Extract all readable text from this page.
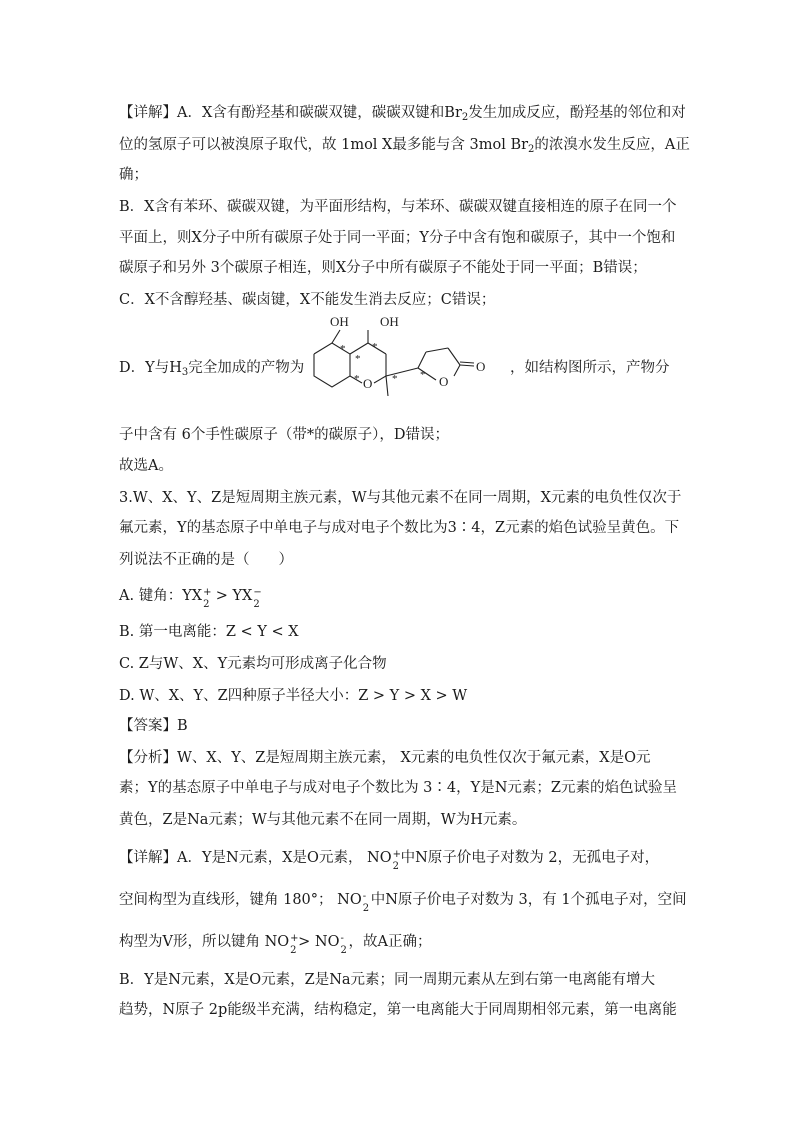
【详解】A．X含有酚羟基和碳碳双键，碳碳双键和$Br_2$发生加成反应，酚羟基的邻位和对
位的氢原子可以被溴原子取代，故 1mol X最多能与含 3mol $Br_2$的浓溴水发生反应，A正
确；
B．X含有苯环、碳碳双键，为平面形结构，与苯环、碳碳双键直接相连的原子在同一个
平面上，则X分子中所有碳原子处于同一平面；Y分子中含有饱和碳原子，其中一个饱和
碳原子和另外 3个碳原子相连，则X分子中所有碳原子不能处于同一平面；B错误；
C．X不含醇羟基、碳卤键，X不能发生消去反应；C错误；
D．Y与$H_3$完全加成的产物为	，如结构图所示，产物分
OH OH
O	O
O
*
*
*
*	* *
子中含有 6个手性碳原子（带*的碳原子），D错误；
故选A。
3.W、X、Y、Z是短周期主族元素，W与其他元素不在同一周期，X元素的电负性仅次于
氟元素，Y的基态原子中单电子与成对电子个数比为3∶4，Z元素的焰色试验呈黄色。下
列说法不正确的是（　　）
A. 键角：YX +
2
> YX −
2
B. 第一电离能：Z < Y < X
C. Z与W、X、Y元素均可形成离子化合物
D. W、X、Y、Z四种原子半径大小：Z > Y > X > W
【答案】B
【分析】W、X、Y、Z是短周期主族元素， X元素的电负性仅次于氟元素，X是O元
素；Y的基态原子中单电子与成对电子个数比为 3∶4，Y是N元素；Z元素的焰色试验呈
黄色，Z是Na元素；W与其他元素不在同一周期，W为H元素。
【详解】A．Y是N元素，X是O元素， NO +
2
中N原子价电子对数为 2，无孤电子对，
空间构型为直线形，键角 180°； NO -
2
中N原子价电子对数为 3，有 1个孤电子对，空间
构型为V形，所以键角 NO +
2
> NO -
2
，故A正确；
B．Y是N元素，X是O元素，Z是Na元素；同一周期元素从左到右第一电离能有增大
趋势，N原子 2p能级半充满，结构稳定，第一电离能大于同周期相邻元素，第一电离能
